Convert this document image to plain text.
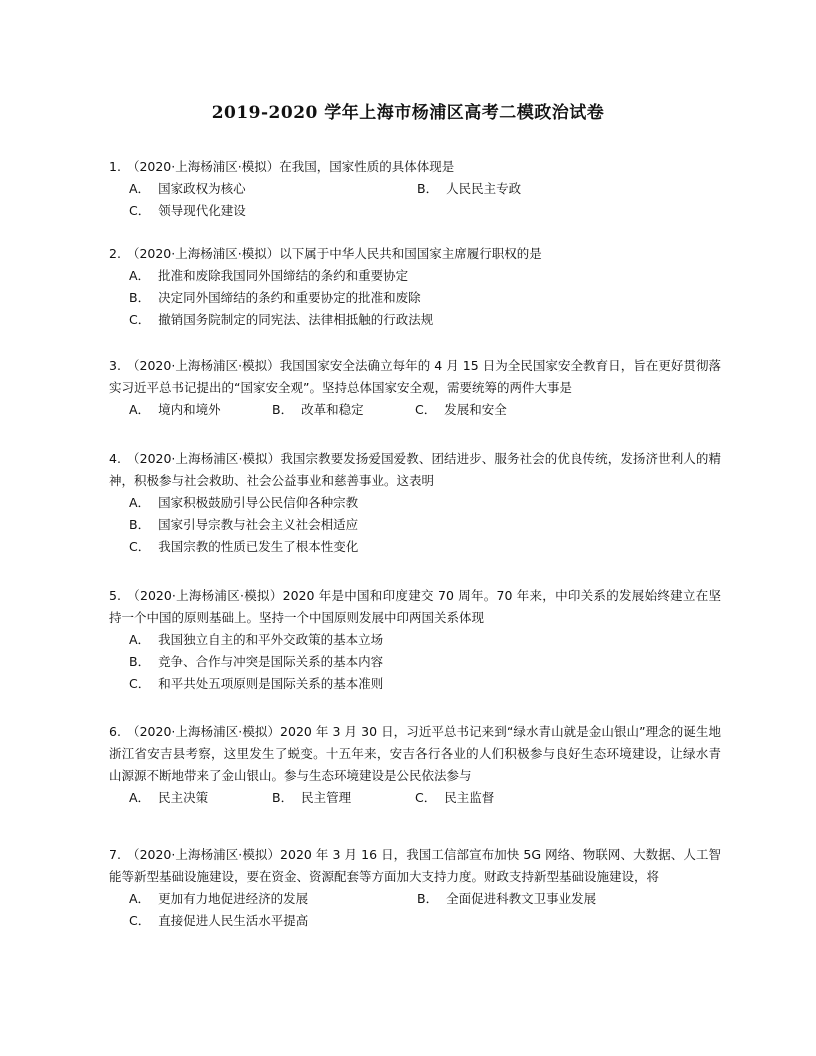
2019-2020 学年上海市杨浦区高考二模政治试卷
1. （2020·上海杨浦区·模拟）在我国，国家性质的具体体现是
A． 国家政权为核心	B． 人民民主专政
C． 领导现代化建设
2. （2020·上海杨浦区·模拟）以下属于中华人民共和国国家主席履行职权的是
A． 批准和废除我国同外国缔结的条约和重要协定
B． 决定同外国缔结的条约和重要协定的批准和废除
C． 撤销国务院制定的同宪法、法律相抵触的行政法规
3. （2020·上海杨浦区·模拟）我国国家安全法确立每年的 4 月 15 日为全民国家安全教育日，旨在更好贯彻落实习近平总书记提出的“国家安全观”。坚持总体国家安全观，需要统筹的两件大事是
A． 境内和境外	B． 改革和稳定	C． 发展和安全
4. （2020·上海杨浦区·模拟）我国宗教要发扬爱国爱教、团结进步、服务社会的优良传统，发扬济世利人的精神，积极参与社会救助、社会公益事业和慈善事业。这表明
A． 国家积极鼓励引导公民信仰各种宗教
B． 国家引导宗教与社会主义社会相适应
C． 我国宗教的性质已发生了根本性变化
5. （2020·上海杨浦区·模拟）2020 年是中国和印度建交 70 周年。70 年来，中印关系的发展始终建立在坚持一个中国的原则基础上。坚持一个中国原则发展中印两国关系体现
A． 我国独立自主的和平外交政策的基本立场
B． 竞争、合作与冲突是国际关系的基本内容
C． 和平共处五项原则是国际关系的基本准则
6. （2020·上海杨浦区·模拟）2020 年 3 月 30 日，习近平总书记来到“绿水青山就是金山银山”理念的诞生地浙江省安吉县考察，这里发生了蜕变。十五年来，安吉各行各业的人们积极参与良好生态环境建设，让绿水青山源源不断地带来了金山银山。参与生态环境建设是公民依法参与
A． 民主决策	B． 民主管理	C． 民主监督
7. （2020·上海杨浦区·模拟）2020 年 3 月 16 日，我国工信部宣布加快 5G 网络、物联网、大数据、人工智能等新型基础设施建设，要在资金、资源配套等方面加大支持力度。财政支持新型基础设施建设，将
A． 更加有力地促进经济的发展	B． 全面促进科教文卫事业发展
C． 直接促进人民生活水平提高
